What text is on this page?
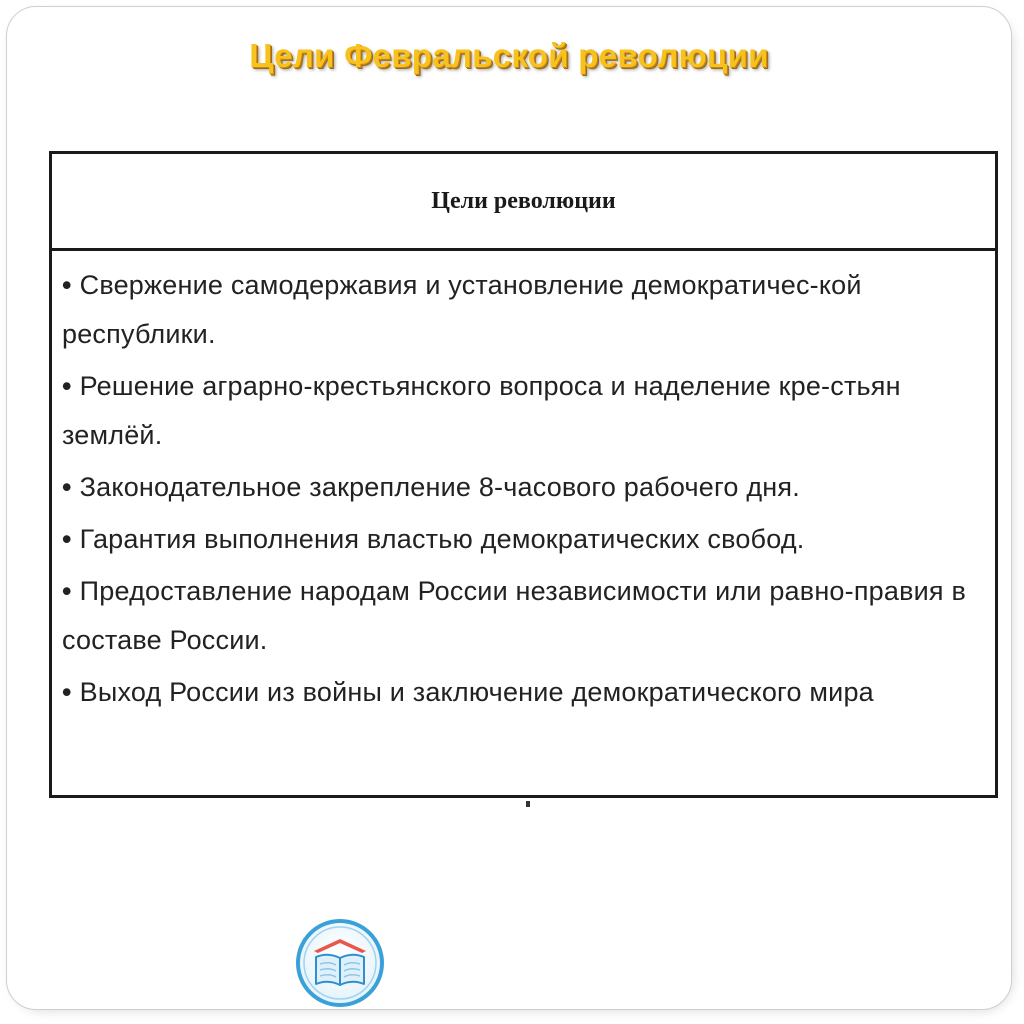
Цели Февральской революции
Цели революции
• Свержение самодержавия и установление демократичес-кой республики.
• Решение аграрно-крестьянского вопроса и наделение кре-стьян землёй.
• Законодательное закрепление 8-часового рабочего дня.
• Гарантия выполнения властью демократических свобод.
• Предоставление народам России независимости или равно-правия в составе России.
• Выход России из войны и заключение демократического мира
